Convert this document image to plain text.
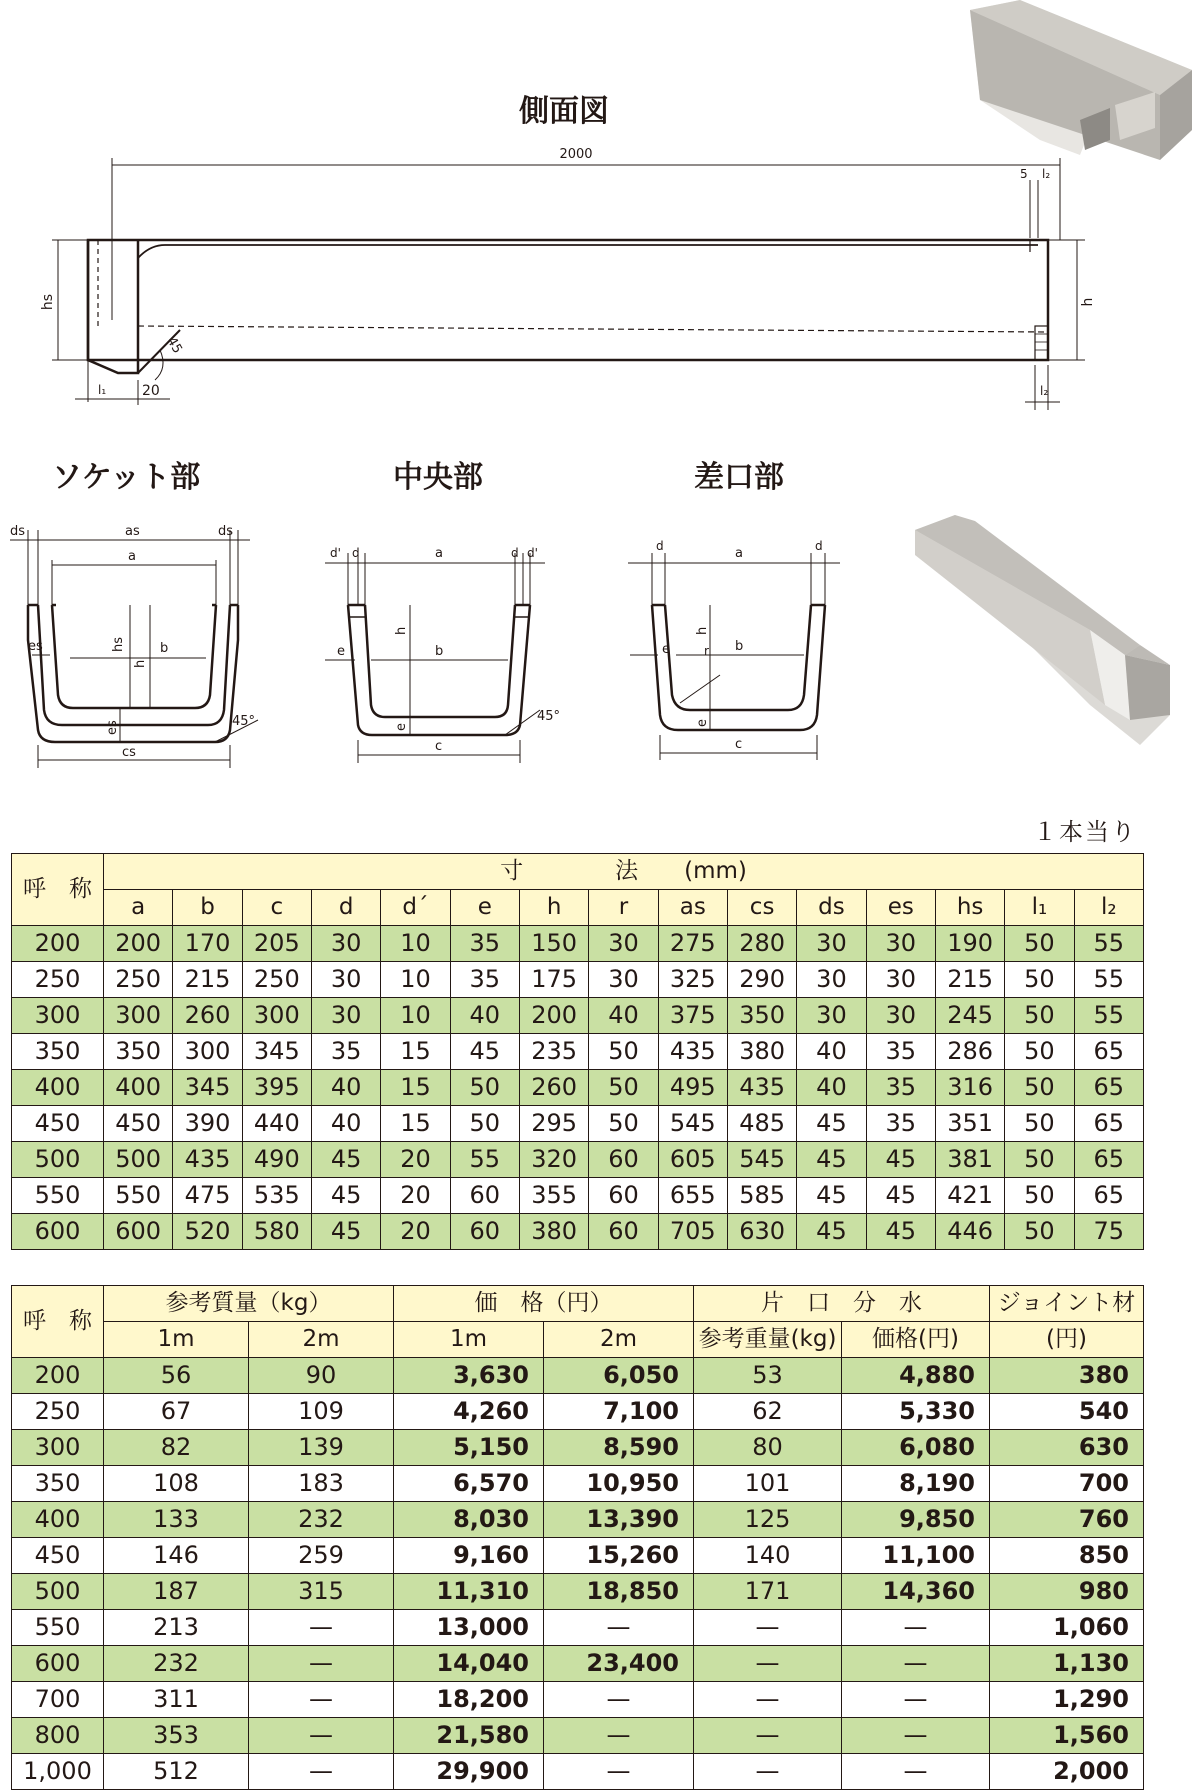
側面図
2000
hs	h
l₁	20
45
5 l₂
l₂
ソケット部	中央部	差口部
ds	as	ds
a
hs
h
b
es
es	45°
cs
d' d	a	d d'
h
b
e
e
45°
c
d	a	d
r
h
b
e
e
c
１本当り
呼　称	寸　　　　法　　(mm)														
	a	b	c	d	d´	e	h	r	as	cs	ds	es	hs	l₁	l₂
200	200	170	205	30	10	35	150	30	275	280	30	30	190	50	55
250	250	215	250	30	10	35	175	30	325	290	30	30	215	50	55
300	300	260	300	30	10	40	200	40	375	350	30	30	245	50	55
350	350	300	345	35	15	45	235	50	435	380	40	35	286	50	65
400	400	345	395	40	15	50	260	50	495	435	40	35	316	50	65
450	450	390	440	40	15	50	295	50	545	485	45	35	351	50	65
500	500	435	490	45	20	55	320	60	605	545	45	45	381	50	65
550	550	475	535	45	20	60	355	60	655	585	45	45	421	50	65
600	600	520	580	45	20	60	380	60	705	630	45	45	446	50	75
呼　称	参考質量（kg）		価　格（円）		片　口　分　水		ジョイント材
	1m	2m	1m	2m	参考重量(kg)	価格(円)	(円)
200	56	90	3,630	6,050	53	4,880	380
250	67	109	4,260	7,100	62	5,330	540
300	82	139	5,150	8,590	80	6,080	630
350	108	183	6,570	10,950	101	8,190	700
400	133	232	8,030	13,390	125	9,850	760
450	146	259	9,160	15,260	140	11,100	850
500	187	315	11,310	18,850	171	14,360	980
550	213	—	13,000	—	—	—	1,060
600	232	—	14,040	23,400	—	—	1,130
700	311	—	18,200	—	—	—	1,290
800	353	—	21,580	—	—	—	1,560
1,000	512	—	29,900	—	—	—	2,000
